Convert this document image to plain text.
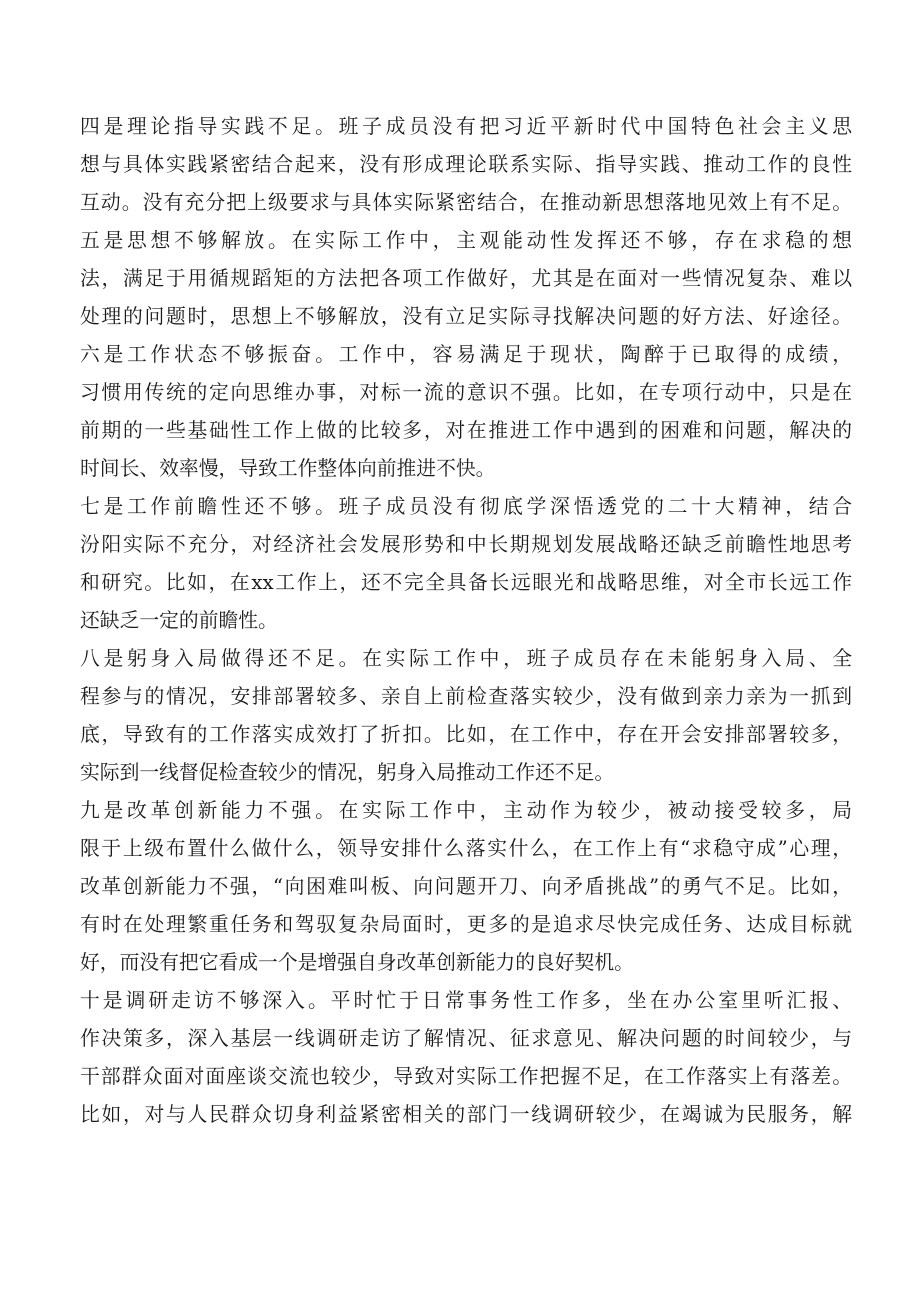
四是理论指导实践不足。班子成员没有把习近平新时代中国特色社会主义思
想与具体实践紧密结合起来，没有形成理论联系实际、指导实践、推动工作的良性
互动。没有充分把上级要求与具体实际紧密结合，在推动新思想落地见效上有不足。
五是思想不够解放。在实际工作中，主观能动性发挥还不够，存在求稳的想
法，满足于用循规蹈矩的方法把各项工作做好，尤其是在面对一些情况复杂、难以
处理的问题时，思想上不够解放，没有立足实际寻找解决问题的好方法、好途径。
六是工作状态不够振奋。工作中，容易满足于现状，陶醉于已取得的成绩，
习惯用传统的定向思维办事，对标一流的意识不强。比如，在专项行动中，只是在
前期的一些基础性工作上做的比较多，对在推进工作中遇到的困难和问题，解决的
时间长、效率慢，导致工作整体向前推进不快。
七是工作前瞻性还不够。班子成员没有彻底学深悟透党的二十大精神，结合
汾阳实际不充分，对经济社会发展形势和中长期规划发展战略还缺乏前瞻性地思考
和研究。比如，在xx工作上，还不完全具备长远眼光和战略思维，对全市长远工作
还缺乏一定的前瞻性。
八是躬身入局做得还不足。在实际工作中，班子成员存在未能躬身入局、全
程参与的情况，安排部署较多、亲自上前检查落实较少，没有做到亲力亲为一抓到
底，导致有的工作落实成效打了折扣。比如，在工作中，存在开会安排部署较多，
实际到一线督促检查较少的情况，躬身入局推动工作还不足。
九是改革创新能力不强。在实际工作中，主动作为较少，被动接受较多，局
限于上级布置什么做什么，领导安排什么落实什么，在工作上有“求稳守成”心理，
改革创新能力不强，“向困难叫板、向问题开刀、向矛盾挑战”的勇气不足。比如，
有时在处理繁重任务和驾驭复杂局面时，更多的是追求尽快完成任务、达成目标就
好，而没有把它看成一个是增强自身改革创新能力的良好契机。
十是调研走访不够深入。平时忙于日常事务性工作多，坐在办公室里听汇报、
作决策多，深入基层一线调研走访了解情况、征求意见、解决问题的时间较少，与
干部群众面对面座谈交流也较少，导致对实际工作把握不足，在工作落实上有落差。
比如，对与人民群众切身利益紧密相关的部门一线调研较少，在竭诚为民服务，解
